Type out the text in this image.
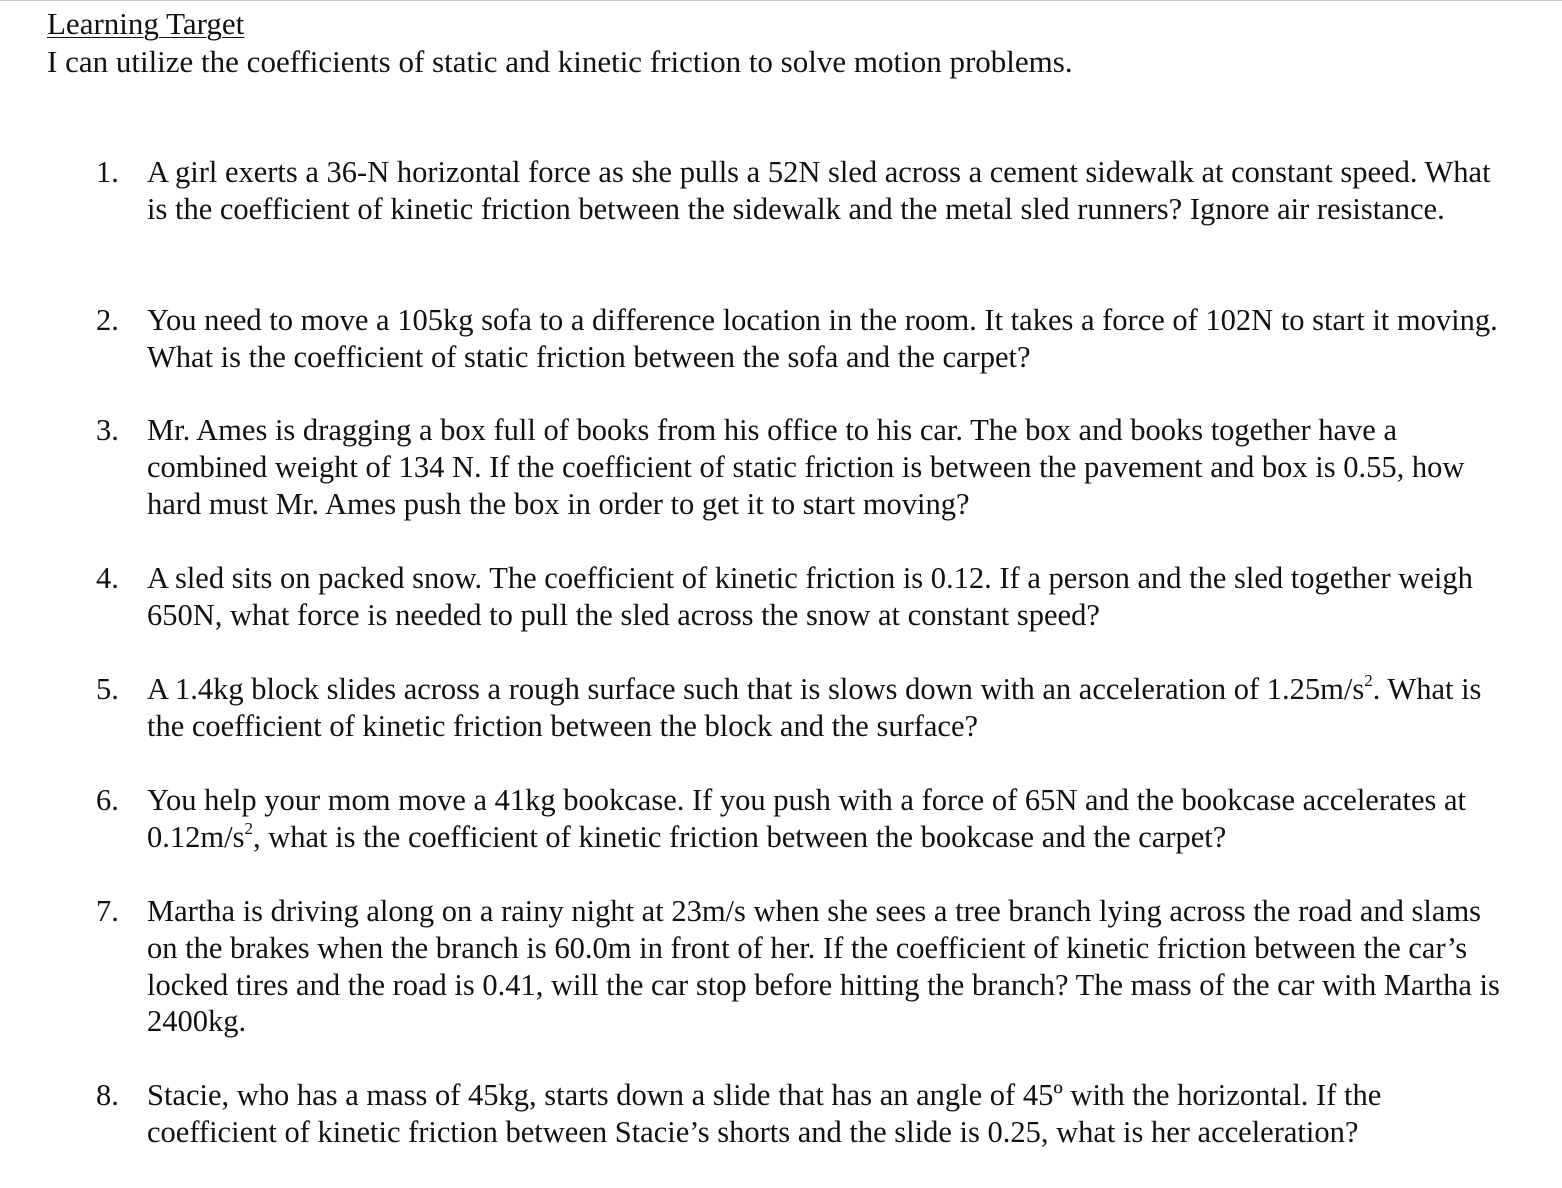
Learning Target

I can utilize the coefficients of static and kinetic friction to solve motion problems.

1. A girl exerts a 36-N horizontal force as she pulls a 52N sled across a cement sidewalk at constant speed. What is the coefficient of kinetic friction between the sidewalk and the metal sled runners? Ignore air resistance.
2. You need to move a 105kg sofa to a difference location in the room. It takes a force of 102N to start it moving. What is the coefficient of static friction between the sofa and the carpet?
3. Mr. Ames is dragging a box full of books from his office to his car. The box and books together have a combined weight of 134 N. If the coefficient of static friction is between the pavement and box is 0.55, how hard must Mr. Ames push the box in order to get it to start moving?
4. A sled sits on packed snow. The coefficient of kinetic friction is 0.12. If a person and the sled together weigh 650N, what force is needed to pull the sled across the snow at constant speed?
5. A 1.4kg block slides across a rough surface such that is slows down with an acceleration of $1.25m/s^2$. What is the coefficient of kinetic friction between the block and the surface?
6. You help your mom move a 41kg bookcase. If you push with a force of 65N and the bookcase accelerates at $0.12m/s^2$, what is the coefficient of kinetic friction between the bookcase and the carpet?
7. Martha is driving along on a rainy night at 23m/s when she sees a tree branch lying across the road and slams on the brakes when the branch is 60.0m in front of her. If the coefficient of kinetic friction between the car’s locked tires and the road is 0.41, will the car stop before hitting the branch? The mass of the car with Martha is 2400kg.
8. Stacie, who has a mass of 45kg, starts down a slide that has an angle of 45º with the horizontal. If the coefficient of kinetic friction between Stacie’s shorts and the slide is 0.25, what is her acceleration?
